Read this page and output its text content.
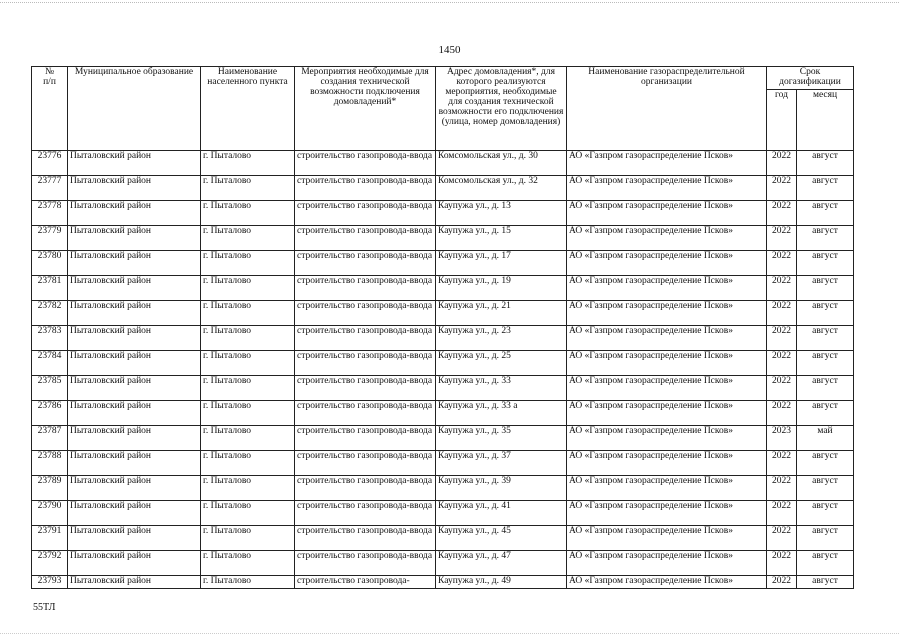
1450
№
п/п	Муниципальное образование	Наименование населенного пункта	Мероприятия необходимые для создания технической возможности подключения домовладений*	Адрес домовладения*, для которого реализуются мероприятия, необходимые для создания технической возможности его подключения (улица, номер домовладения)	Наименование газораспределительной организации	Срок догазификации	
						год	месяц
23776	Пыталовский район	г. Пыталово	строительство газопровода-ввода	Комсомольская ул., д. 30	АО «Газпром газораспределение Псков»	2022	август
23777	Пыталовский район	г. Пыталово	строительство газопровода-ввода	Комсомольская ул., д. 32	АО «Газпром газораспределение Псков»	2022	август
23778	Пыталовский район	г. Пыталово	строительство газопровода-ввода	Каупужа ул., д. 13	АО «Газпром газораспределение Псков»	2022	август
23779	Пыталовский район	г. Пыталово	строительство газопровода-ввода	Каупужа ул., д. 15	АО «Газпром газораспределение Псков»	2022	август
23780	Пыталовский район	г. Пыталово	строительство газопровода-ввода	Каупужа ул., д. 17	АО «Газпром газораспределение Псков»	2022	август
23781	Пыталовский район	г. Пыталово	строительство газопровода-ввода	Каупужа ул., д. 19	АО «Газпром газораспределение Псков»	2022	август
23782	Пыталовский район	г. Пыталово	строительство газопровода-ввода	Каупужа ул., д. 21	АО «Газпром газораспределение Псков»	2022	август
23783	Пыталовский район	г. Пыталово	строительство газопровода-ввода	Каупужа ул., д. 23	АО «Газпром газораспределение Псков»	2022	август
23784	Пыталовский район	г. Пыталово	строительство газопровода-ввода	Каупужа ул., д. 25	АО «Газпром газораспределение Псков»	2022	август
23785	Пыталовский район	г. Пыталово	строительство газопровода-ввода	Каупужа ул., д. 33	АО «Газпром газораспределение Псков»	2022	август
23786	Пыталовский район	г. Пыталово	строительство газопровода-ввода	Каупужа ул., д. 33 а	АО «Газпром газораспределение Псков»	2022	август
23787	Пыталовский район	г. Пыталово	строительство газопровода-ввода	Каупужа ул., д. 35	АО «Газпром газораспределение Псков»	2023	май
23788	Пыталовский район	г. Пыталово	строительство газопровода-ввода	Каупужа ул., д. 37	АО «Газпром газораспределение Псков»	2022	август
23789	Пыталовский район	г. Пыталово	строительство газопровода-ввода	Каупужа ул., д. 39	АО «Газпром газораспределение Псков»	2022	август
23790	Пыталовский район	г. Пыталово	строительство газопровода-ввода	Каупужа ул., д. 41	АО «Газпром газораспределение Псков»	2022	август
23791	Пыталовский район	г. Пыталово	строительство газопровода-ввода	Каупужа ул., д. 45	АО «Газпром газораспределение Псков»	2022	август
23792	Пыталовский район	г. Пыталово	строительство газопровода-ввода	Каупужа ул., д. 47	АО «Газпром газораспределение Псков»	2022	август
23793	Пыталовский район	г. Пыталово	строительство газопровода-	Каупужа ул., д. 49	АО «Газпром газораспределение Псков»	2022	август
55ТЛ
